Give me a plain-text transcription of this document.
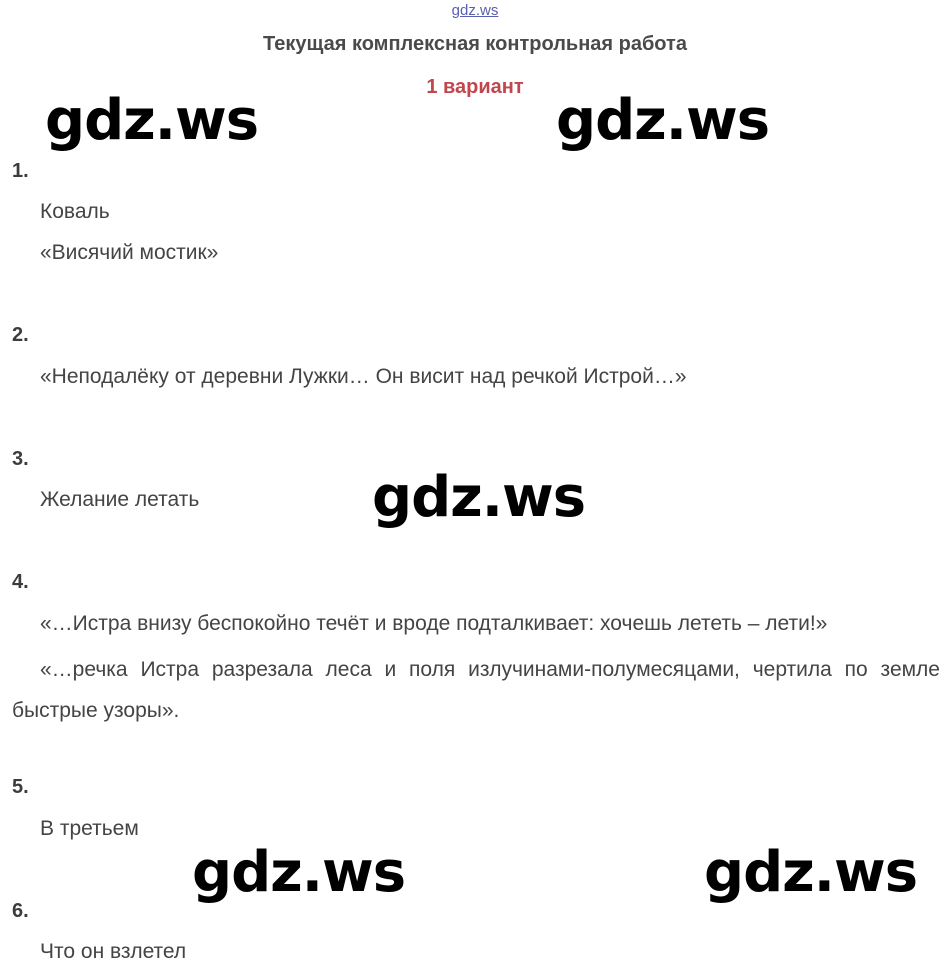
gdz.ws
Текущая комплексная контрольная работа
1 вариант
gdz.ws	gdz.ws
gdz.ws
gdz.ws	gdz.ws
1.
Коваль
«Висячий мостик»
2.
«Неподалёку от деревни Лужки… Он висит над речкой Истрой…»
3.
Желание летать
4.
«…Истра внизу беспокойно течёт и вроде подталкивает: хочешь лететь – лети!»
«…речка Истра разрезала леса и поля излучинами-полумесяцами, чертила по земле быстрые узоры».
5.
В третьем
6.
Что он взлетел
